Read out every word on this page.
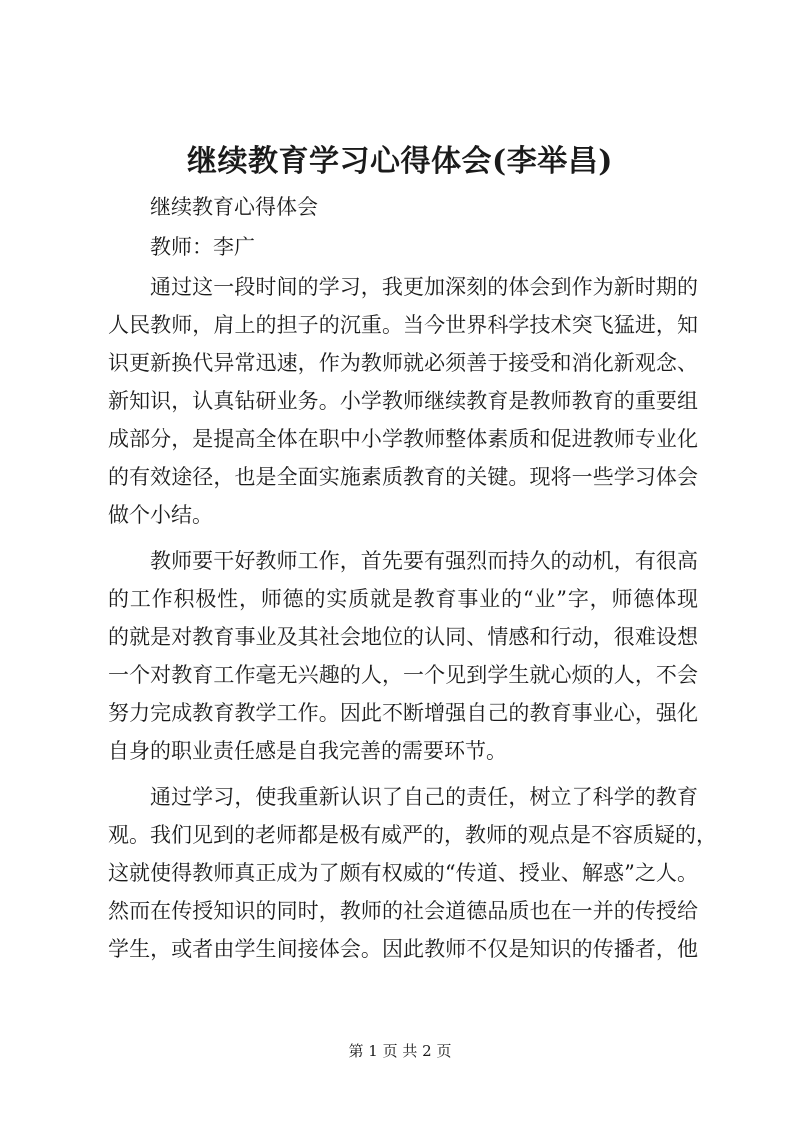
继续教育学习心得体会(李举昌)
继续教育心得体会
教师：李广
通过这一段时间的学习，我更加深刻的体会到作为新时期的
人民教师，肩上的担子的沉重。当今世界科学技术突飞猛进，知
识更新换代异常迅速，作为教师就必须善于接受和消化新观念、
新知识，认真钻研业务。小学教师继续教育是教师教育的重要组
成部分，是提高全体在职中小学教师整体素质和促进教师专业化
的有效途径，也是全面实施素质教育的关键。现将一些学习体会
做个小结。
教师要干好教师工作，首先要有强烈而持久的动机，有很高
的工作积极性，师德的实质就是教育事业的“业”字，师德体现
的就是对教育事业及其社会地位的认同、情感和行动，很难设想
一个对教育工作毫无兴趣的人，一个见到学生就心烦的人，不会
努力完成教育教学工作。因此不断增强自己的教育事业心，强化
自身的职业责任感是自我完善的需要环节。
通过学习，使我重新认识了自己的责任，树立了科学的教育
观。我们见到的老师都是极有威严的，教师的观点是不容质疑的，
这就使得教师真正成为了颇有权威的“传道、授业、解惑”之人。
然而在传授知识的同时，教师的社会道德品质也在一并的传授给
学生，或者由学生间接体会。因此教师不仅是知识的传播者，他
第 1 页 共 2 页
